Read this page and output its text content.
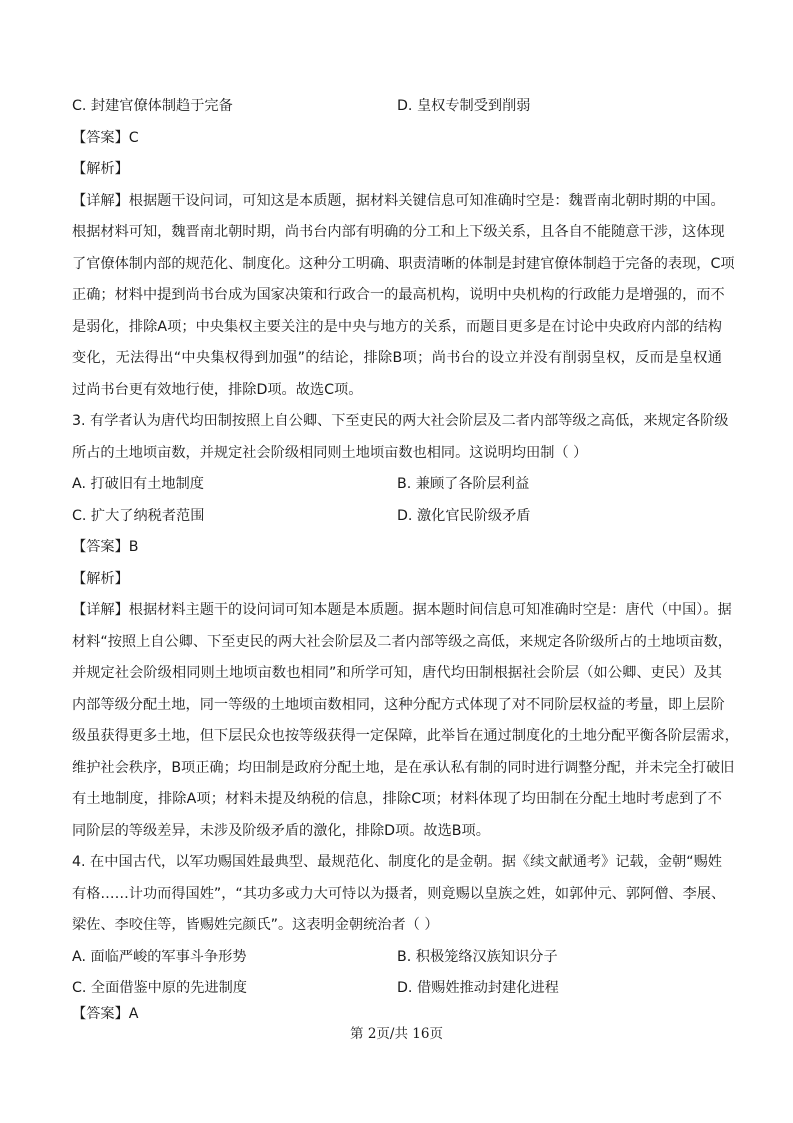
C. 封建官僚体制趋于完备	D. 皇权专制受到削弱
【答案】C
【解析】
【详解】根据题干设问词，可知这是本质题，据材料关键信息可知准确时空是：魏晋南北朝时期的中国。
根据材料可知，魏晋南北朝时期，尚书台内部有明确的分工和上下级关系，且各自不能随意干涉，这体现
了官僚体制内部的规范化、制度化。这种分工明确、职责清晰的体制是封建官僚体制趋于完备的表现，C项
正确；材料中提到尚书台成为国家决策和行政合一的最高机构，说明中央机构的行政能力是增强的，而不
是弱化，排除A项；中央集权主要关注的是中央与地方的关系，而题目更多是在讨论中央政府内部的结构
变化，无法得出“中央集权得到加强”的结论，排除B项；尚书台的设立并没有削弱皇权，反而是皇权通
过尚书台更有效地行使，排除D项。故选C项。
3. 有学者认为唐代均田制按照上自公卿、下至吏民的两大社会阶层及二者内部等级之高低，来规定各阶级
所占的土地顷亩数，并规定社会阶级相同则土地顷亩数也相同。这说明均田制（ ）
A. 打破旧有土地制度	B. 兼顾了各阶层利益
C. 扩大了纳税者范围	D. 激化官民阶级矛盾
【答案】B
【解析】
【详解】根据材料主题干的设问词可知本题是本质题。据本题时间信息可知准确时空是：唐代（中国）。据
材料“按照上自公卿、下至吏民的两大社会阶层及二者内部等级之高低，来规定各阶级所占的土地顷亩数，
并规定社会阶级相同则土地顷亩数也相同”和所学可知，唐代均田制根据社会阶层（如公卿、吏民）及其
内部等级分配土地，同一等级的土地顷亩数相同，这种分配方式体现了对不同阶层权益的考量，即上层阶
级虽获得更多土地，但下层民众也按等级获得一定保障，此举旨在通过制度化的土地分配平衡各阶层需求，
维护社会秩序，B项正确；均田制是政府分配土地，是在承认私有制的同时进行调整分配，并未完全打破旧
有土地制度，排除A项；材料未提及纳税的信息，排除C项；材料体现了均田制在分配土地时考虑到了不
同阶层的等级差异，未涉及阶级矛盾的激化，排除D项。故选B项。
4. 在中国古代，以军功赐国姓最典型、最规范化、制度化的是金朝。据《续文献通考》记载，金朝“赐姓
有格……计功而得国姓”，“其功多或力大可恃以为摄者，则竟赐以皇族之姓，如郭仲元、郭阿僧、李展、
梁佐、李咬住等，皆赐姓完颜氏”。这表明金朝统治者（ ）
A. 面临严峻的军事斗争形势	B. 积极笼络汉族知识分子
C. 全面借鉴中原的先进制度	D. 借赐姓推动封建化进程
【答案】A
第 2页/共 16页
